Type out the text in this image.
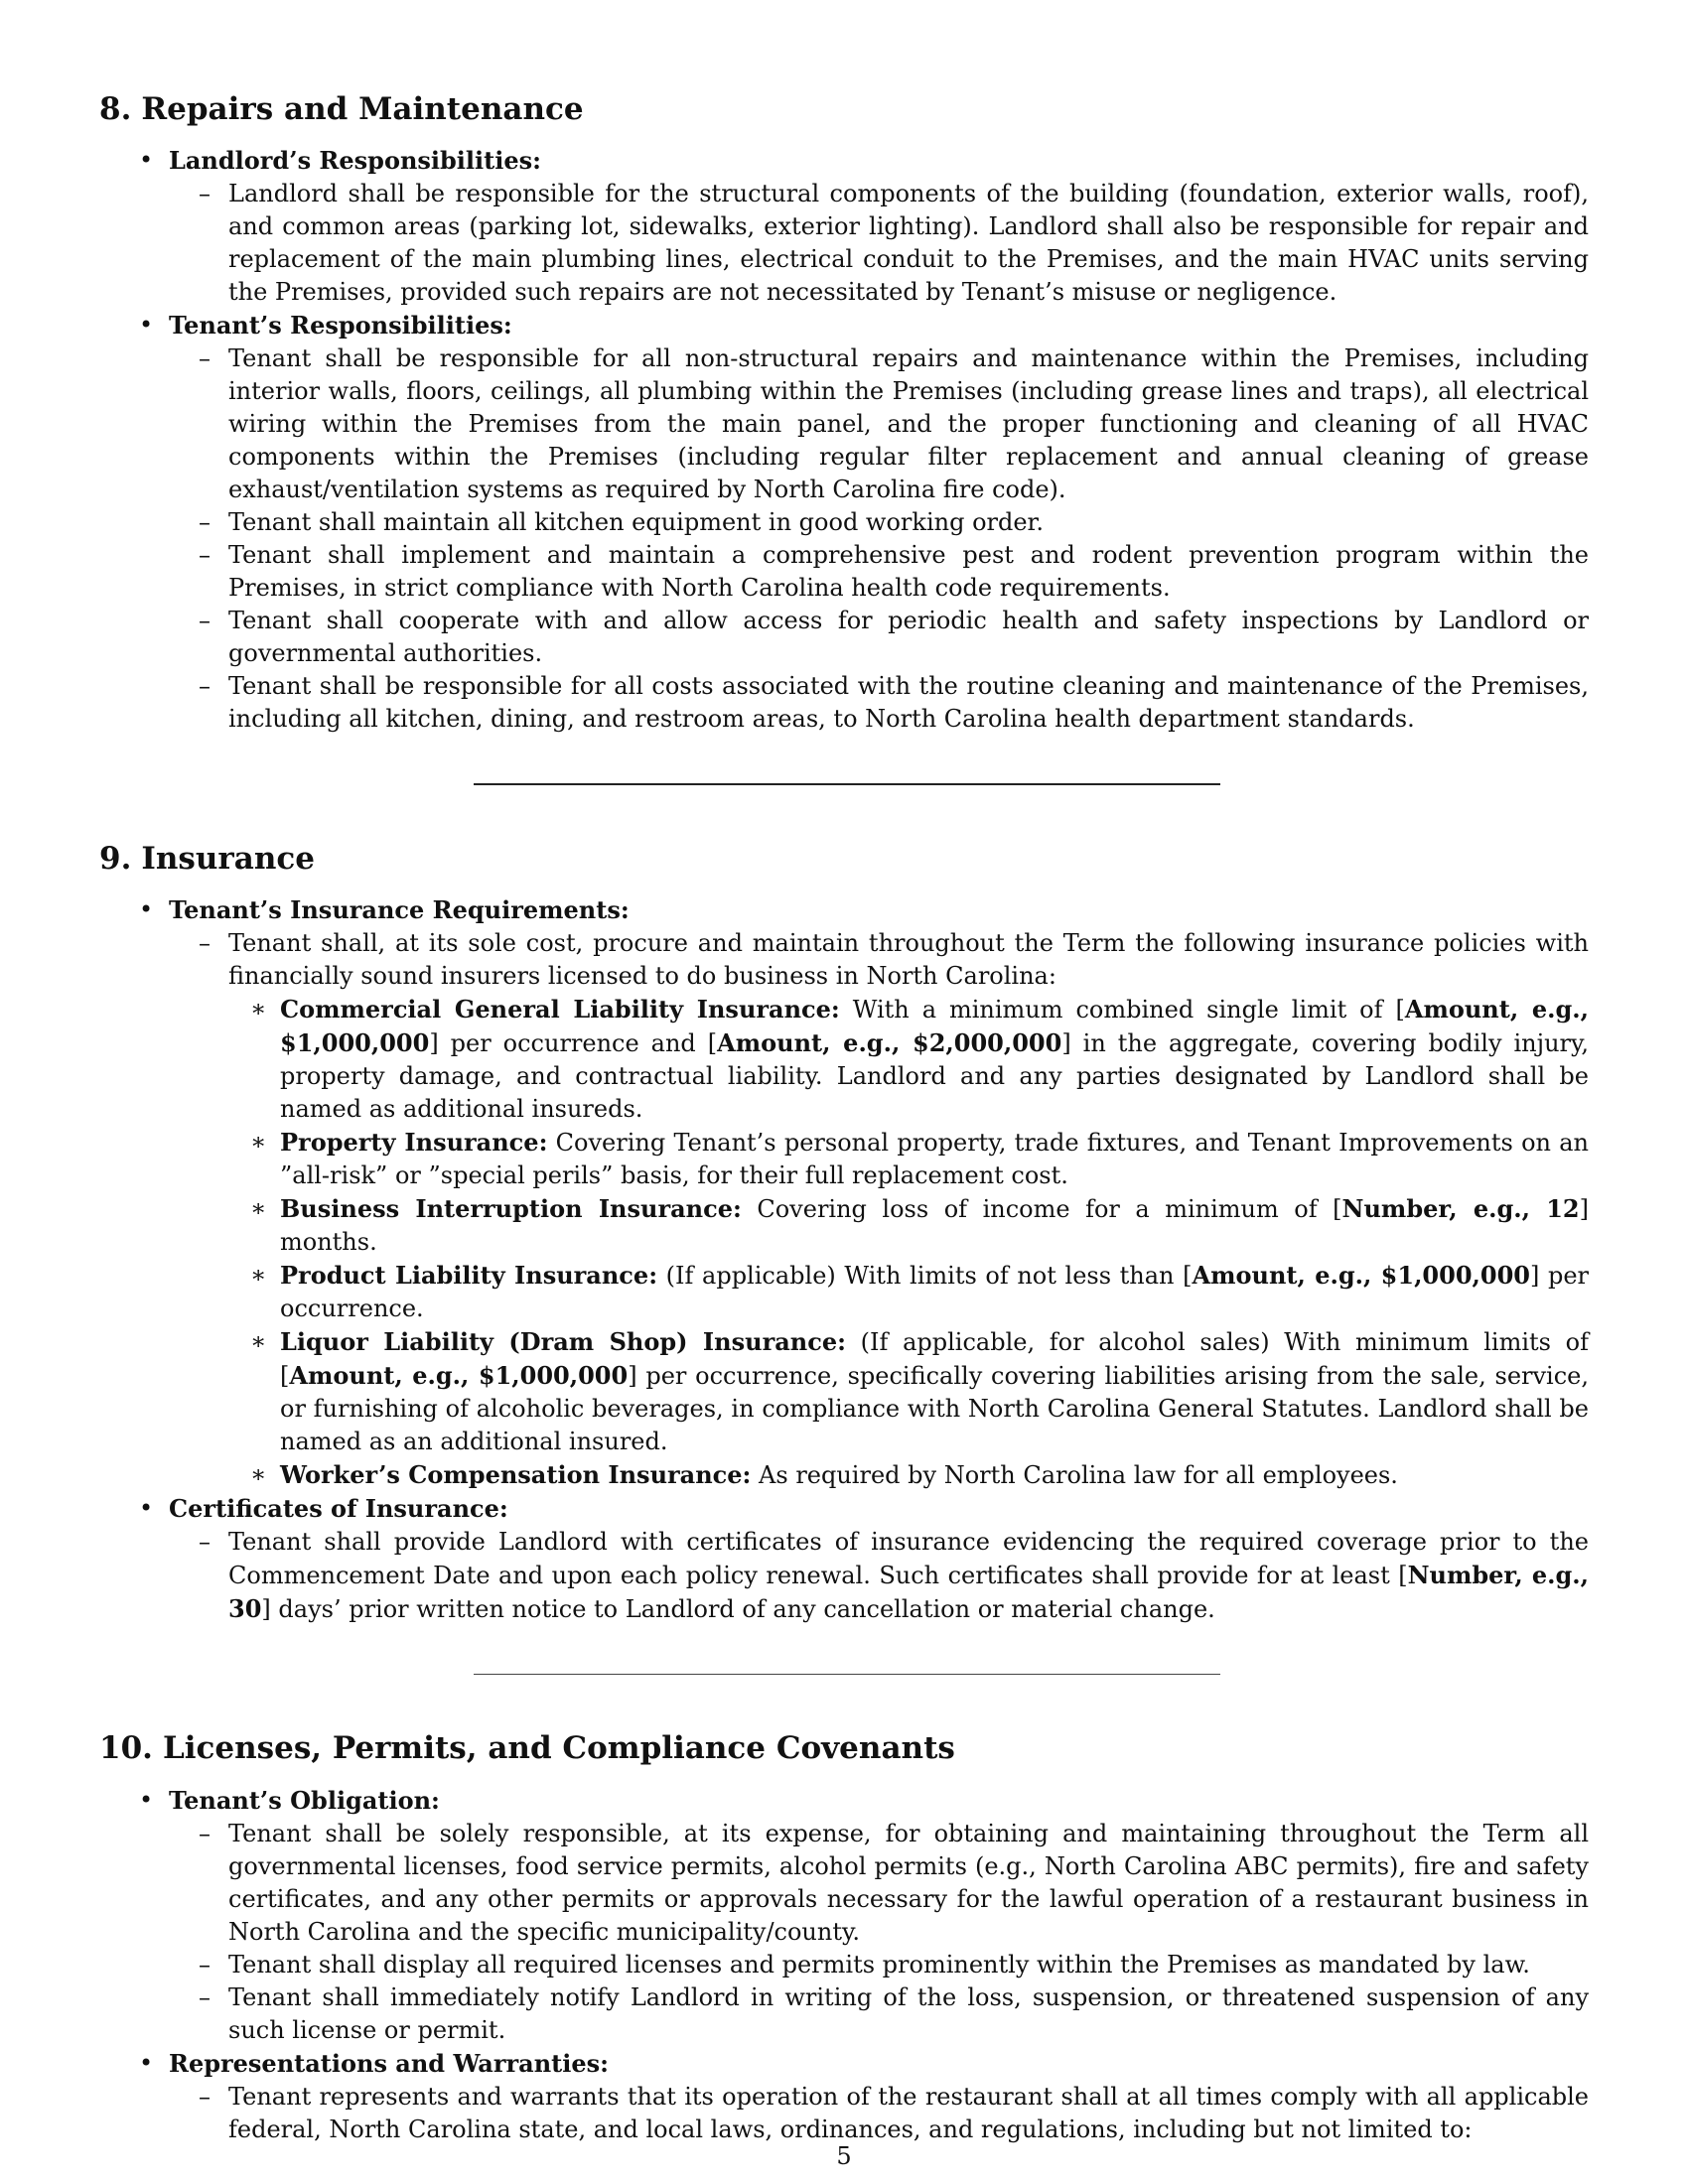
8. Repairs and Maintenance
• Landlord’s Responsibilities:
– Landlord shall be responsible for the structural components of the building (foundation, exterior walls, roof), and common areas (parking lot, sidewalks, exterior lighting). Landlord shall also be responsible for repair and replacement of the main plumbing lines, electrical conduit to the Premises, and the main HVAC units serving the Premises, provided such repairs are not necessitated by Tenant’s misuse or negligence.
• Tenant’s Responsibilities:
– Tenant shall be responsible for all non-structural repairs and maintenance within the Premises, including interior walls, floors, ceilings, all plumbing within the Premises (including grease lines and traps), all electrical wiring within the Premises from the main panel, and the proper functioning and cleaning of all HVAC components within the Premises (including regular filter replacement and annual cleaning of grease exhaust/ventilation systems as required by North Carolina fire code).
– Tenant shall maintain all kitchen equipment in good working order.
– Tenant shall implement and maintain a comprehensive pest and rodent prevention program within the Premises, in strict compliance with North Carolina health code requirements.
– Tenant shall cooperate with and allow access for periodic health and safety inspections by Landlord or governmental authorities.
– Tenant shall be responsible for all costs associated with the routine cleaning and maintenance of the Premises, including all kitchen, dining, and restroom areas, to North Carolina health department standards.
9. Insurance
• Tenant’s Insurance Requirements:
– Tenant shall, at its sole cost, procure and maintain throughout the Term the following insurance policies with financially sound insurers licensed to do business in North Carolina:
∗ Commercial General Liability Insurance: With a minimum combined single limit of [Amount, e.g., $1,000,000] per occurrence and [Amount, e.g., $2,000,000] in the aggregate, covering bodily injury, property damage, and contractual liability. Landlord and any parties designated by Landlord shall be named as additional insureds.
∗ Property Insurance: Covering Tenant’s personal property, trade fixtures, and Tenant Improvements on an ”all-risk” or ”special perils” basis, for their full replacement cost.
∗ Business Interruption Insurance: Covering loss of income for a minimum of [Number, e.g., 12] months.
∗ Product Liability Insurance: (If applicable) With limits of not less than [Amount, e.g., $1,000,000] per occurrence.
∗ Liquor Liability (Dram Shop) Insurance: (If applicable, for alcohol sales) With minimum limits of [Amount, e.g., $1,000,000] per occurrence, specifically covering liabilities arising from the sale, service, or furnishing of alcoholic beverages, in compliance with North Carolina General Statutes. Landlord shall be named as an additional insured.
∗ Worker’s Compensation Insurance: As required by North Carolina law for all employees.
• Certificates of Insurance:
– Tenant shall provide Landlord with certificates of insurance evidencing the required coverage prior to the Commencement Date and upon each policy renewal. Such certificates shall provide for at least [Number, e.g., 30] days’ prior written notice to Landlord of any cancellation or material change.
10. Licenses, Permits, and Compliance Covenants
• Tenant’s Obligation:
– Tenant shall be solely responsible, at its expense, for obtaining and maintaining throughout the Term all governmental licenses, food service permits, alcohol permits (e.g., North Carolina ABC permits), fire and safety certificates, and any other permits or approvals necessary for the lawful operation of a restaurant business in North Carolina and the specific municipality/county.
– Tenant shall display all required licenses and permits prominently within the Premises as mandated by law.
– Tenant shall immediately notify Landlord in writing of the loss, suspension, or threatened suspension of any such license or permit.
• Representations and Warranties:
– Tenant represents and warrants that its operation of the restaurant shall at all times comply with all applicable federal, North Carolina state, and local laws, ordinances, and regulations, including but not limited to:
5
